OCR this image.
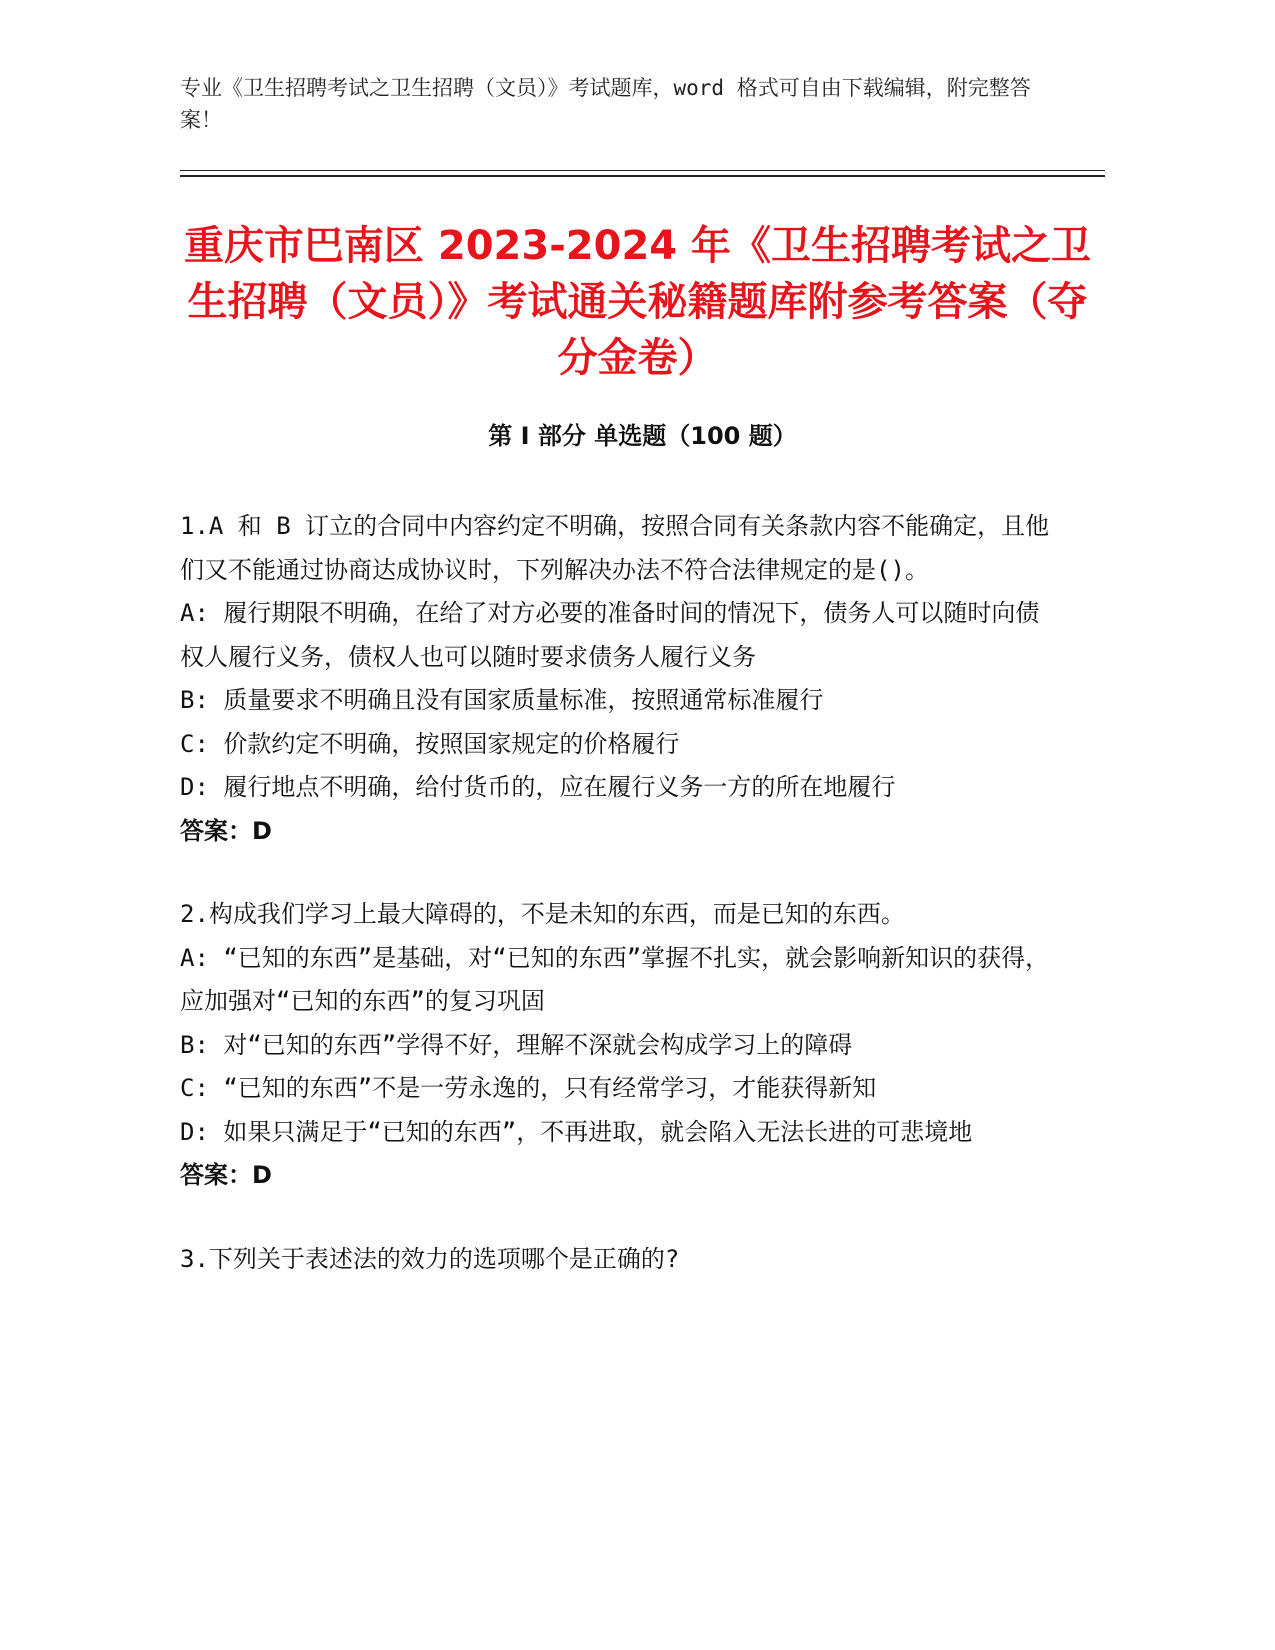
专业《卫生招聘考试之卫生招聘（文员）》考试题库，word 格式可自由下载编辑，附完整答案！
重庆市巴南区 2023-2024 年《卫生招聘考试之卫生招聘（文员）》考试通关秘籍题库附参考答案（夺分金卷）
第 I 部分 单选题（100 题）

1.A 和 B 订立的合同中内容约定不明确，按照合同有关条款内容不能确定，且他们又不能通过协商达成协议时，下列解决办法不符合法律规定的是()。

A: 履行期限不明确，在给了对方必要的准备时间的情况下，债务人可以随时向债权人履行义务，债权人也可以随时要求债务人履行义务

B: 质量要求不明确且没有国家质量标准，按照通常标准履行

C: 价款约定不明确，按照国家规定的价格履行

D: 履行地点不明确，给付货币的，应在履行义务一方的所在地履行

答案：D

2.构成我们学习上最大障碍的，不是未知的东西，而是已知的东西。

A: “已知的东西”是基础，对“已知的东西”掌握不扎实，就会影响新知识的获得，应加强对“已知的东西”的复习巩固

B: 对“已知的东西”学得不好，理解不深就会构成学习上的障碍

C: “已知的东西”不是一劳永逸的，只有经常学习，才能获得新知

D: 如果只满足于“已知的东西”，不再进取，就会陷入无法长进的可悲境地

答案：D

3.下列关于表述法的效力的选项哪个是正确的?
